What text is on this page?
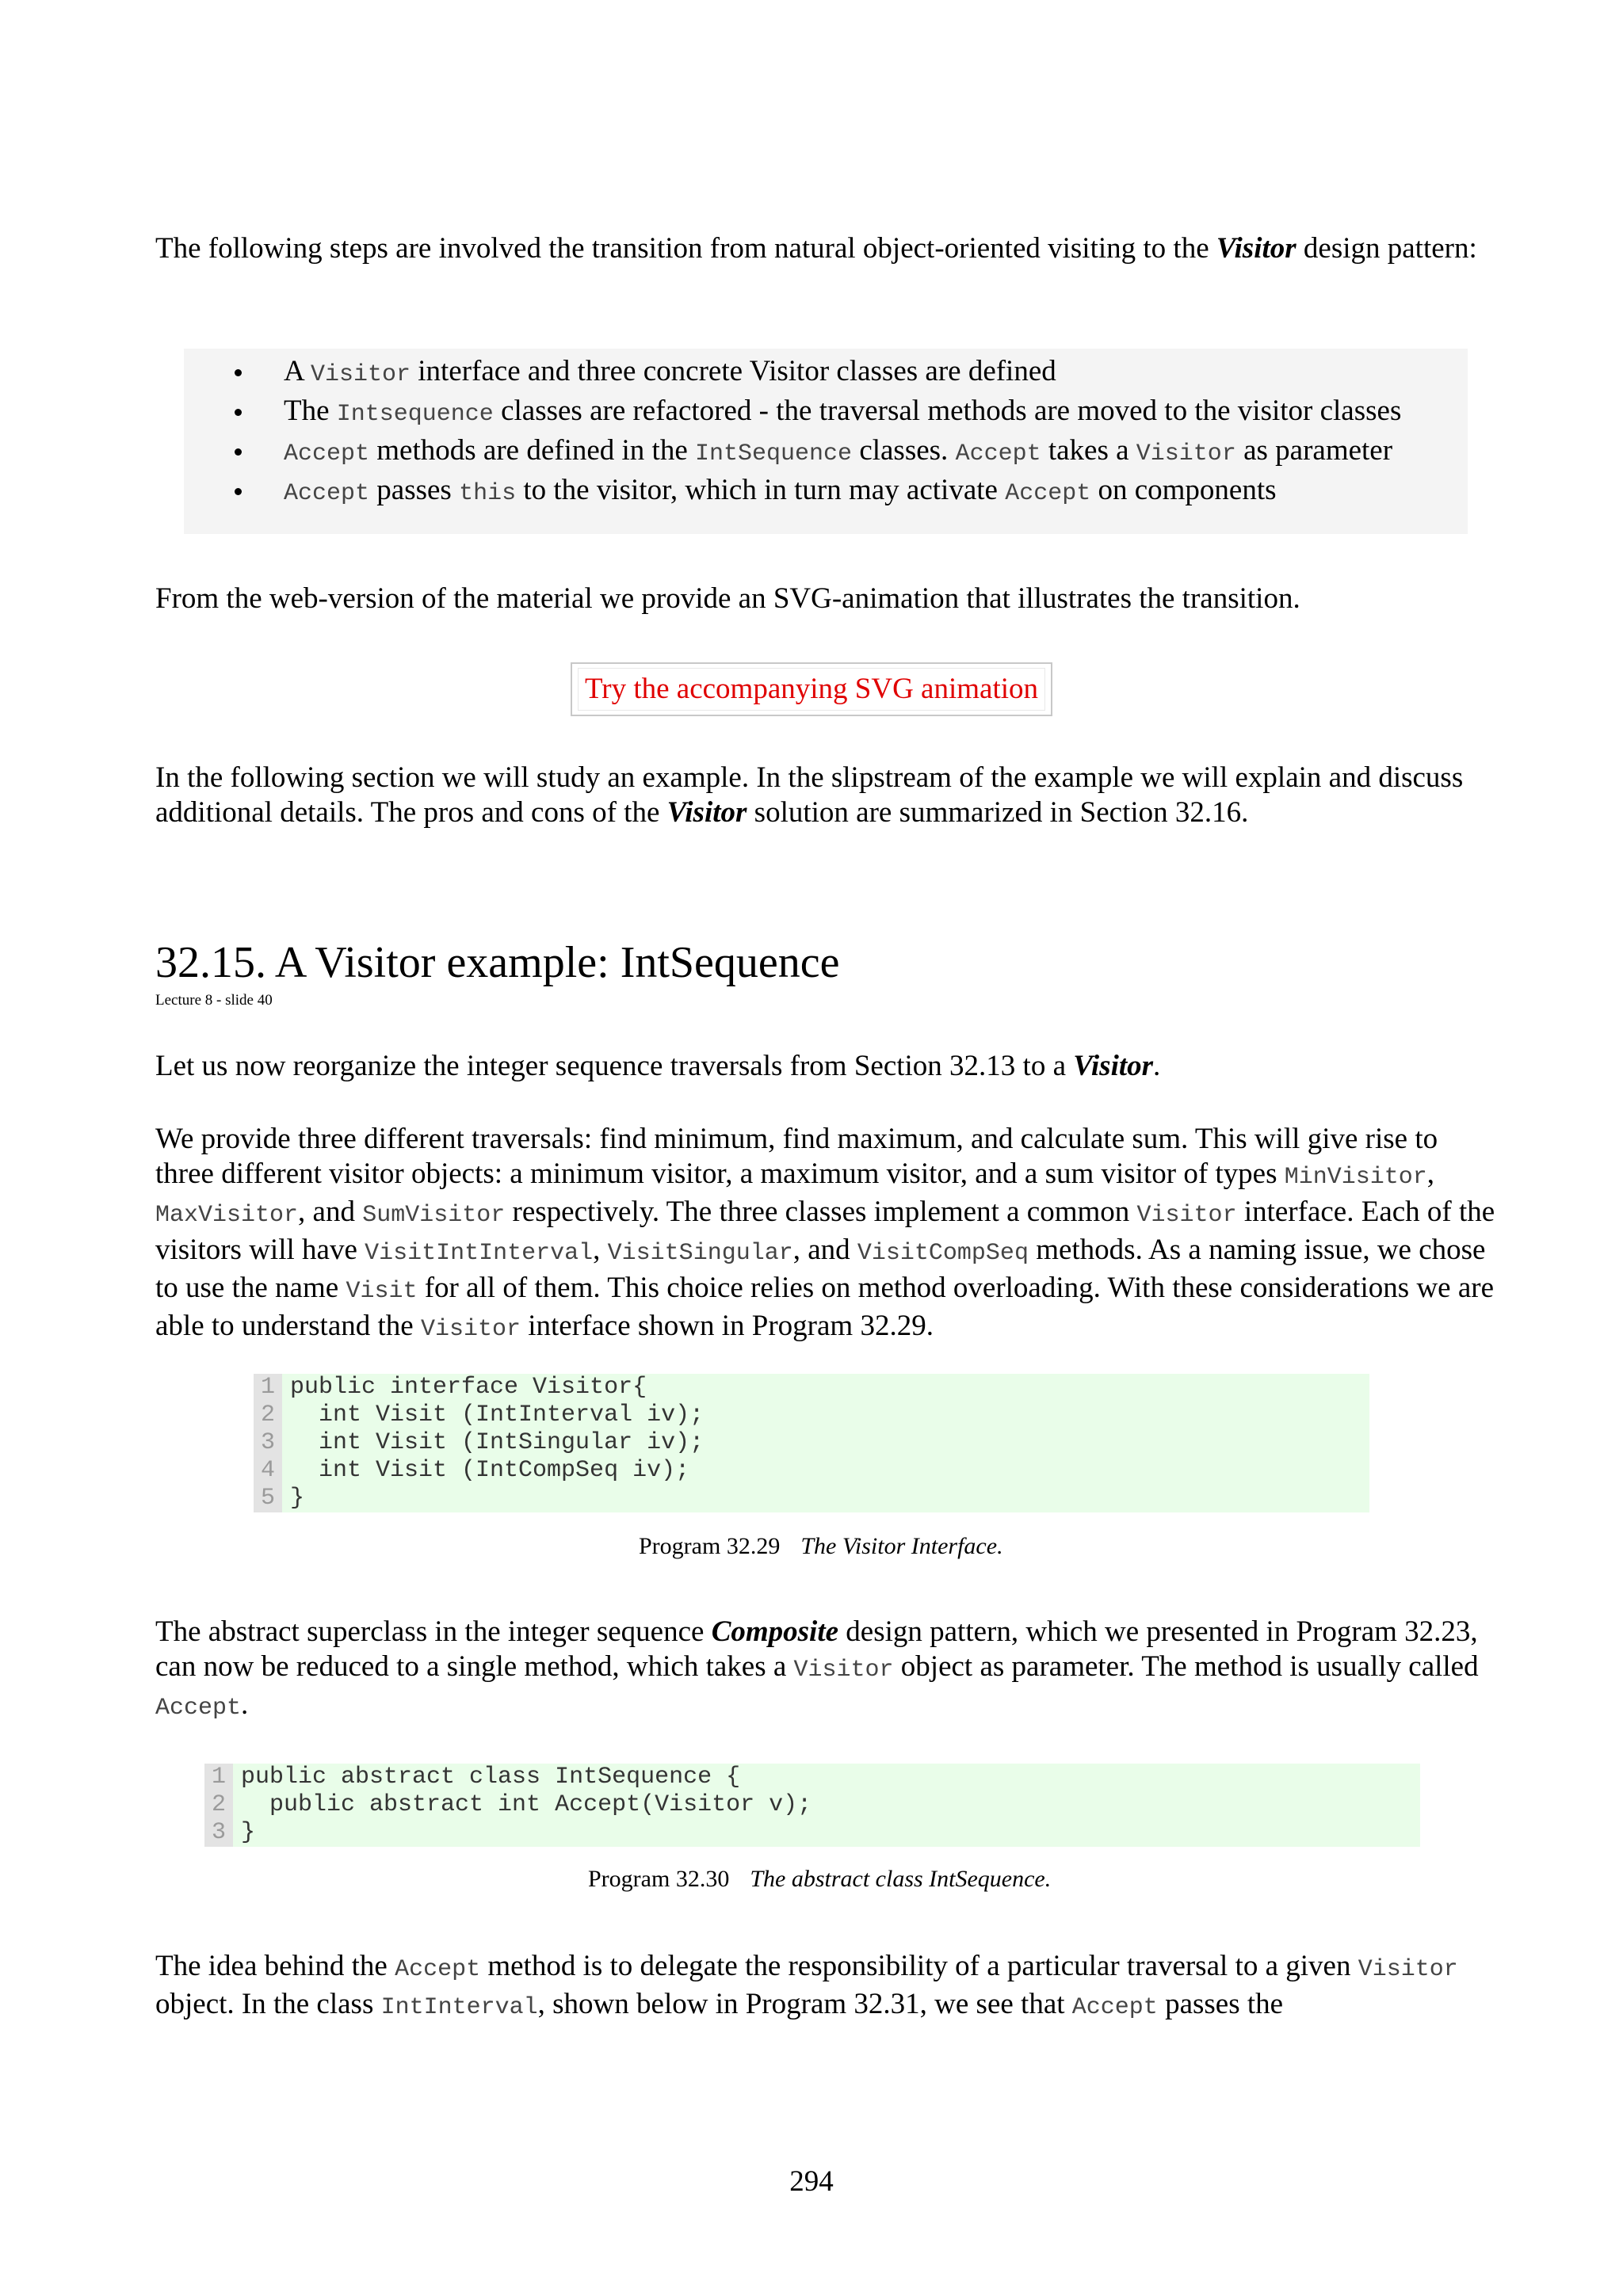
The following steps are involved the transition from natural object-oriented visiting to the Visitor design pattern:

A Visitor interface and three concrete Visitor classes are defined
The Intsequence classes are refactored - the traversal methods are moved to the visitor classes
Accept methods are defined in the IntSequence classes. Accept takes a Visitor as parameter
Accept passes this to the visitor, which in turn may activate Accept on components

From the web-version of the material we provide an SVG-animation that illustrates the transition.

Try the accompanying SVG animation

In the following section we will study an example. In the slipstream of the example we will explain and discuss additional details. The pros and cons of the Visitor solution are summarized in Section 32.16.

32.15. A Visitor example: IntSequence
Lecture 8 - slide 40

Let us now reorganize the integer sequence traversals from Section 32.13 to a Visitor.

We provide three different traversals: find minimum, find maximum, and calculate sum. This will give rise to three different visitor objects: a minimum visitor, a maximum visitor, and a sum visitor of types MinVisitor, MaxVisitor, and SumVisitor respectively. The three classes implement a common Visitor interface. Each of the visitors will have VisitIntInterval, VisitSingular, and VisitCompSeq methods. As a naming issue, we chose to use the name Visit for all of them. This choice relies on method overloading. With these considerations we are able to understand the Visitor interface shown in Program 32.29.

1 public interface Visitor{
2 int Visit (IntInterval iv);
3 int Visit (IntSingular iv);
4 int Visit (IntCompSeq iv);
5 }
Program 32.29 The Visitor Interface.

The abstract superclass in the integer sequence Composite design pattern, which we presented in Program 32.23, can now be reduced to a single method, which takes a Visitor object as parameter. The method is usually called Accept.

1 public abstract class IntSequence {
2 public abstract int Accept(Visitor v);
3 }
Program 32.30 The abstract class IntSequence.

The idea behind the Accept method is to delegate the responsibility of a particular traversal to a given Visitor object. In the class IntInterval, shown below in Program 32.31, we see that Accept passes the

294
